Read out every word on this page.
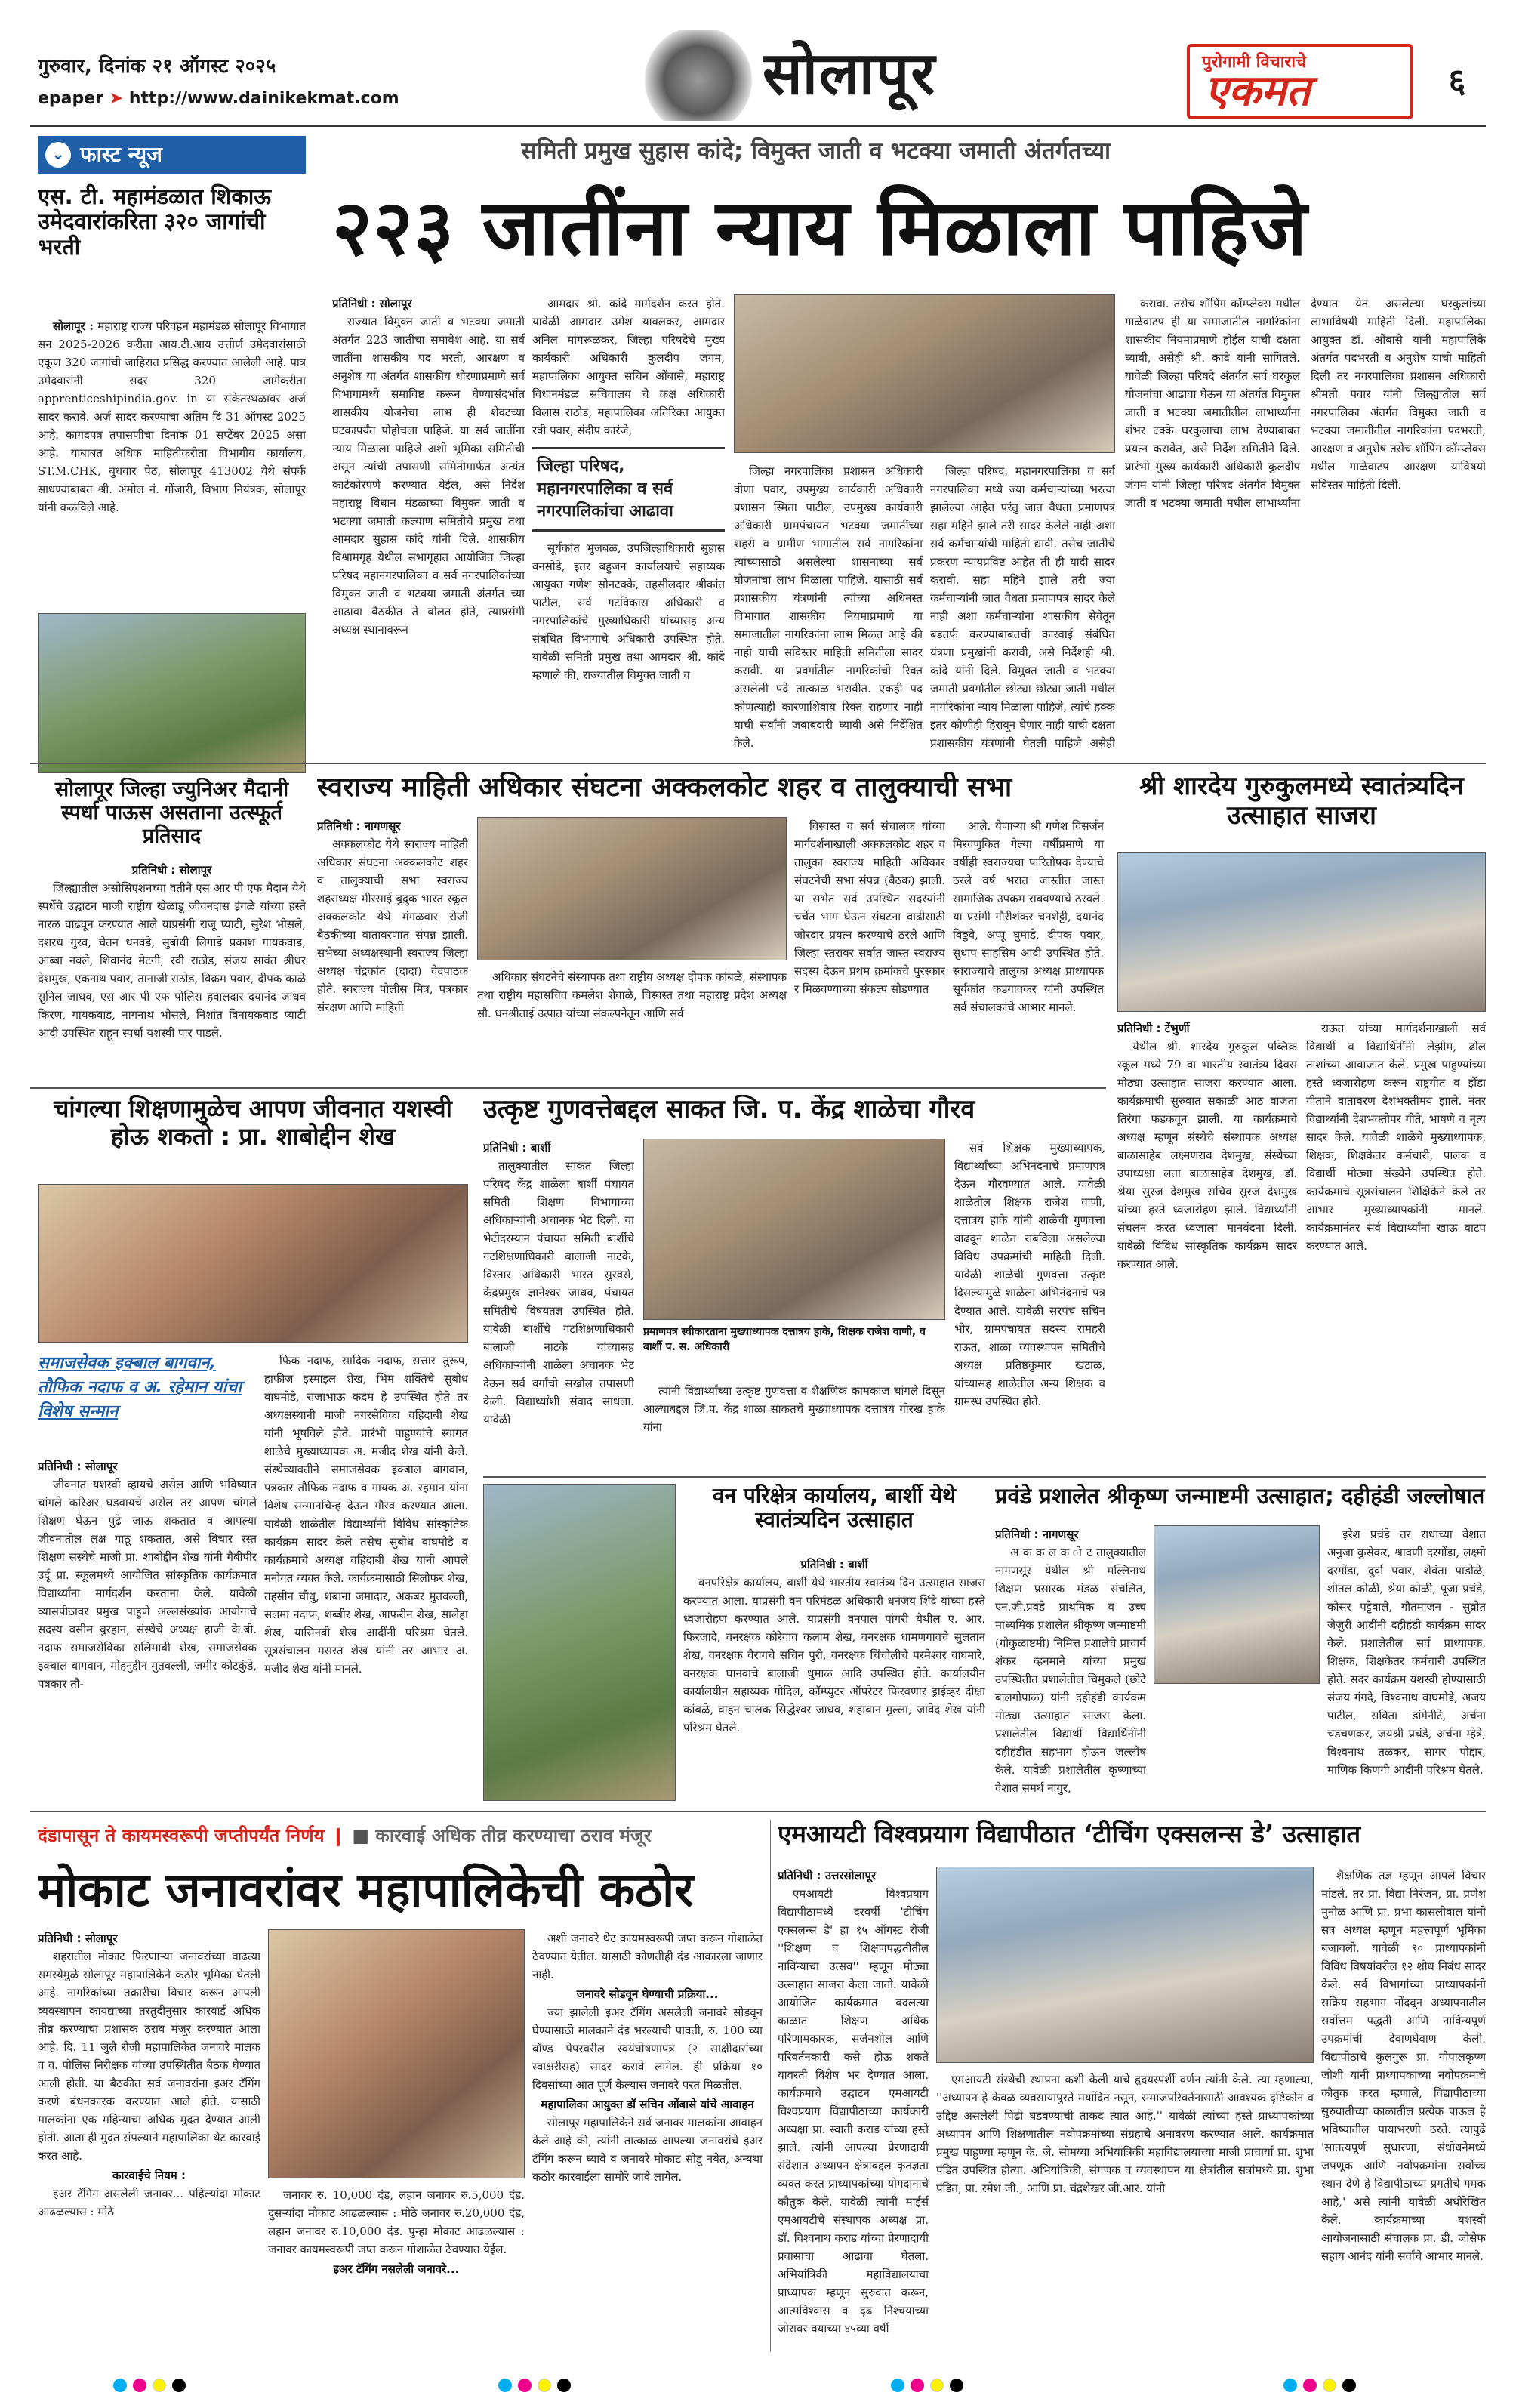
गुरुवार, दिनांक २१ ऑगस्ट २०२५
epaper ➤ http://www.dainikekmat.com	सोलापूर	पुरोगामी विचाराचे
एकमत	६
⌄ फास्ट न्यूज
एस. टी. महामंडळात शिकाऊ उमेदवारांकरिता ३२० जागांची भरती

सोलापूर : महाराष्ट्र राज्य परिवहन महामंडळ सोलापूर विभागात सन 2025-2026 करीता आय.टी.आय उत्तीर्ण उमेदवारांसाठी एकूण 320 जागांची जाहिरात प्रसिद्ध करण्यात आलेली आहे. पात्र उमेदवारांनी सदर 320 जागेकरीता apprenticeshipindia.gov. in या संकेतस्थळावर अर्ज सादर करावे. अर्ज सादर करण्याचा अंतिम दि 31 ऑगस्ट 2025 आहे. कागदपत्र तपासणीचा दिनांक 01 सप्टेंबर 2025 असा आहे. याबाबत अधिक माहितीकरीता विभागीय कार्यालय, ST.M.CHK, बुधवार पेठ, सोलापूर 413002 येथे संपर्क साधण्याबाबत श्री. अमोल नं. गोंजारी, विभाग नियंत्रक, सोलापूर यांनी कळविले आहे.

समिती प्रमुख सुहास कांदे; विमुक्त जाती व भटक्या जमाती अंतर्गतच्या
२२३ जातींना न्याय मिळाला पाहिजे
प्रतिनिधी : सोलापूर

राज्यात विमुक्त जाती व भटक्या जमाती अंतर्गत 223 जातींचा समावेश आहे. या सर्व जातींना शासकीय पद भरती, आरक्षण व अनुशेष या अंतर्गत शासकीय धोरणाप्रमाणे सर्व विभागामध्ये समाविष्ट करून घेण्यासंदर्भात शासकीय योजनेचा लाभ ही शेवटच्या घटकापर्यंत पोहोचला पाहिजे. या सर्व जातींना न्याय मिळाला पाहिजे अशी भूमिका समितीची असून त्यांची तपासणी समितीमार्फत अत्यंत काटेकोरपणे करण्यात येईल, असे निर्देश महाराष्ट्र विधान मंडळाच्या विमुक्त जाती व भटक्या जमाती कल्याण समितीचे प्रमुख तथा आमदार सुहास कांदे यांनी दिले. शासकीय विश्रामगृह येथील सभागृहात आयोजित जिल्हा परिषद महानगरपालिका व सर्व नगरपालिकांच्या विमुक्त जाती व भटक्या जमाती अंतर्गत च्या आढावा बैठकीत ते बोलत होते, त्याप्रसंगी अध्यक्ष स्थानावरून

आमदार श्री. कांदे मार्गदर्शन करत होते. यावेळी आमदार उमेश यावलकर, आमदार अनिल मांगरूळकर, जिल्हा परिषदेचे मुख्य कार्यकारी अधिकारी कुलदीप जंगम, महापालिका आयुक्त सचिन ओंबासे, महाराष्ट्र विधानमंडळ सचिवालय चे कक्ष अधिकारी विलास राठोड, महापालिका अतिरिक्त आयुक्त रवी पवार, संदीप कारंजे,

जिल्हा परिषद, महानगरपालिका व सर्व नगरपालिकांचा आढावा

सूर्यकांत भुजबळ, उपजिल्हाधिकारी सुहास वनसोडे, इतर बहुजन कार्यालयाचे सहाय्यक आयुक्त गणेश सोनटक्के, तहसीलदार श्रीकांत पाटील, सर्व गटविकास अधिकारी व नगरपालिकांचे मुख्याधिकारी यांच्यासह अन्य संबंधित विभागाचे अधिकारी उपस्थित होते. यावेळी समिती प्रमुख तथा आमदार श्री. कांदे म्हणाले की, राज्यातील विमुक्त जाती व

जिल्हा नगरपालिका प्रशासन अधिकारी वीणा पवार, उपमुख्य कार्यकारी अधिकारी प्रशासन स्मिता पाटील, उपमुख्य कार्यकारी अधिकारी ग्रामपंचायत भटक्या जमातींच्या शहरी व ग्रामीण भागातील सर्व नागरिकांना त्यांच्यासाठी असलेल्या शासनाच्या सर्व योजनांचा लाभ मिळाला पाहिजे. यासाठी सर्व प्रशासकीय यंत्रणांनी त्यांच्या अधिनस्त विभागात शासकीय नियमाप्रमाणे या समाजातील नागरिकांना लाभ मिळत आहे की नाही याची सविस्तर माहिती समितीला सादर करावी. या प्रवर्गातील नागरिकांची रिक्त असलेली पदे तात्काळ भरावीत. एकही पद कोणत्याही कारणाशिवाय रिक्त राहणार नाही याची सर्वांनी जबाबदारी घ्यावी असे निर्देशित केले.

जिल्हा परिषद, महानगरपालिका व सर्व नगरपालिका मध्ये ज्या कर्मचाऱ्यांच्या भरत्या झालेल्या आहेत परंतु जात वैधता प्रमाणपत्र सहा महिने झाले तरी सादर केलेले नाही अशा सर्व कर्मचाऱ्यांची माहिती द्यावी. तसेच जातीचे प्रकरण न्यायप्रविष्ट आहेत ती ही यादी सादर करावी. सहा महिने झाले तरी ज्या कर्मचाऱ्यांनी जात वैधता प्रमाणपत्र सादर केले नाही अशा कर्मचाऱ्यांना शासकीय सेवेतून बडतर्फ करण्याबाबतची कारवाई संबंधित यंत्रणा प्रमुखांनी करावी, असे निर्देशही श्री. कांदे यांनी दिले. विमुक्त जाती व भटक्या जमाती प्रवर्गातील छोट्या छोट्या जाती मधील नागरिकांना न्याय मिळाला पाहिजे, त्यांचे हक्क इतर कोणीही हिरावून घेणार नाही याची दक्षता प्रशासकीय यंत्रणांनी घेतली पाहिजे असेही

करावा. तसेच शॉपिंग कॉम्प्लेक्स मधील गाळेवाटप ही या समाजातील नागरिकांना शासकीय नियमाप्रमाणे होईल याची दक्षता घ्यावी, असेही श्री. कांदे यांनी सांगितले. यावेळी जिल्हा परिषदे अंतर्गत सर्व घरकुल योजनांचा आढावा घेऊन या अंतर्गत विमुक्त जाती व भटक्या जमातीतील लाभार्थ्यांना शंभर टक्के घरकुलाचा लाभ देण्याबाबत प्रयत्न करावेत, असे निर्देश समितीने दिले. प्रारंभी मुख्य कार्यकारी अधिकारी कुलदीप जंगम यांनी जिल्हा परिषद अंतर्गत विमुक्त जाती व भटक्या जमाती मधील लाभार्थ्यांना देण्यात येत असलेल्या घरकुलांच्या लाभाविषयी माहिती दिली. महापालिका आयुक्त डॉ. ओंबासे यांनी महापालिके अंतर्गत पदभरती व अनुशेष याची माहिती दिली तर नगरपालिका प्रशासन अधिकारी श्रीमती पवार यांनी जिल्ह्यातील सर्व नगरपालिका अंतर्गत विमुक्त जाती व भटक्या जमातीतील नागरिकांना पदभरती, आरक्षण व अनुशेष तसेच शॉपिंग कॉम्प्लेक्स मधील गाळेवाटप आरक्षण याविषयी सविस्तर माहिती दिली.

सोलापूर जिल्हा ज्युनिअर मैदानी स्पर्धा पाऊस असताना उत्स्फूर्त प्रतिसाद
प्रतिनिधी : सोलापूर

जिल्ह्यातील असोसिएशनच्या वतीने एस आर पी एफ मैदान येथे स्पर्धेचे उद्घाटन माजी राष्ट्रीय खेळाडू जीवनदास इंगळे यांच्या हस्ते नारळ वाढवून करण्यात आले याप्रसंगी राजू प्याटी, सुरेश भोसले, दशरथ गुरव, चेतन धनवडे, सुबोधी लिगाडे प्रकाश गायकवाड, आब्बा नवले, शिवानंद मेटगी, रवी राठोड, संजय सावंत श्रीधर देशमुख, एकनाथ पवार, तानाजी राठोड, विक्रम पवार, दीपक काळे सुनिल जाधव, एस आर पी एफ पोलिस हवालदार दयानंद जाधव किरण, गायकवाड, नागनाथ भोसले, निशांत विनायकवाड प्याटी आदी उपस्थित राहून स्पर्धा यशस्वी पार पाडले.

स्वराज्य माहिती अधिकार संघटना अक्कलकोट शहर व तालुक्याची सभा
प्रतिनिधी : नागणसूर

अक्कलकोट येथे स्वराज्य माहिती अधिकार संघटना अक्कलकोट शहर व तालुक्याची सभा स्वराज्य शहराध्यक्ष मीरसाई बुद्रुक भारत स्कूल अक्कलकोट येथे मंगळवार रोजी बैठकीच्या वातावरणात संपन्न झाली. सभेच्या अध्यक्षस्थानी स्वराज्य जिल्हा अध्यक्ष चंद्रकांत (दादा) वेदपाठक होते. स्वराज्य पोलीस मित्र, पत्रकार संरक्षण आणि माहिती

अधिकार संघटनेचे संस्थापक तथा राष्ट्रीय अध्यक्ष दीपक कांबळे, संस्थापक तथा राष्ट्रीय महासचिव कमलेश शेवाळे, विस्वस्त तथा महाराष्ट्र प्रदेश अध्यक्ष सौ. धनश्रीताई उत्पात यांच्या संकल्पनेतून आणि सर्व

विस्वस्त व सर्व संचालक यांच्या मार्गदर्शनाखाली अक्कलकोट शहर व तालुका स्वराज्य माहिती अधिकार संघटनेची सभा संपन्न (बैठक) झाली. या सभेत सर्व उपस्थित सदस्यांनी चर्चेत भाग घेऊन संघटना वाढीसाठी जोरदार प्रयत्न करण्याचे ठरले आणि जिल्हा स्तरावर सर्वात जास्त स्वराज्य सदस्य देऊन प्रथम क्रमांकचे पुरस्कार र मिळवण्याच्या संकल्प सोडण्यात

आले. येणाऱ्या श्री गणेश विसर्जन मिरवणुकित गेल्या वर्षीप्रमाणे या वर्षीही स्वराज्यचा पारितोषक देण्याचे ठरले वर्ष भरात जास्तीत जास्त सामाजिक उपक्रम राबवण्याचे ठरवले. या प्रसंगी गौरीशंकर चनशेट्टी, दयानंद विठ्ठवे, अप्पू घुमाडे, दीपक पवार, सुधाप साहसिम आदी उपस्थित होते. स्वराज्याचे तालुका अध्यक्ष प्राध्यापक सूर्यकांत कडगावकर यांनी उपस्थित सर्व संचालकांचे आभार मानले.

श्री शारदेय गुरुकुलमध्ये स्वातंत्र्यदिन उत्साहात साजरा
प्रतिनिधी : टेंभुर्णी

येथील श्री. शारदेय गुरुकुल पब्लिक स्कूल मध्ये 79 वा भारतीय स्वातंत्र्य दिवस मोठ्या उत्साहात साजरा करण्यात आला. कार्यक्रमाची सुरुवात सकाळी आठ वाजता तिरंगा फडकवून झाली. या कार्यक्रमाचे अध्यक्ष म्हणून संस्थेचे संस्थापक अध्यक्ष बाळासाहेब लक्ष्मणराव देशमुख, संस्थेच्या उपाध्यक्षा लता बाळासाहेब देशमुख, डॉ. श्रेया सुरज देशमुख सचिव सुरज देशमुख यांच्या हस्ते ध्वजारोहण झाले. विद्यार्थ्यांनी संचलन करत ध्वजाला मानवंदना दिली. यावेळी विविध सांस्कृतिक कार्यक्रम सादर करण्यात आले.

राऊत यांच्या मार्गदर्शनाखाली सर्व विद्यार्थी व विद्यार्थिनींनी लेझीम, ढोल ताशांच्या आवाजात केले. प्रमुख पाहुण्यांच्या हस्ते ध्वजारोहण करून राष्ट्रगीत व झेंडा गीताने वातावरण देशभक्तीमय झाले. नंतर विद्यार्थ्यांनी देशभक्तीपर गीते, भाषणे व नृत्य सादर केले. यावेळी शाळेचे मुख्याध्यापक, शिक्षक, शिक्षकेतर कर्मचारी, पालक व विद्यार्थी मोठ्या संख्येने उपस्थित होते. कार्यक्रमाचे सूत्रसंचालन शिक्षिकेने केले तर आभार मुख्याध्यापकांनी मानले. कार्यक्रमानंतर सर्व विद्यार्थ्यांना खाऊ वाटप करण्यात आले.

चांगल्या शिक्षणामुळेच आपण जीवनात यशस्वी होऊ शकतो : प्रा. शाबोद्दीन शेख
समाजसेवक इक्बाल बागवान, तौफिक नदाफ व अ. रहेमान यांचा विशेष सन्मान
प्रतिनिधी : सोलापूर

जीवनात यशस्वी व्हायचे असेल आणि भविष्यात चांगले करिअर घडवायचे असेल तर आपण चांगले शिक्षण घेऊन पुढे जाऊ शकतात व आपल्या जीवनातील लक्ष गाठू शकतात, असे विचार रस्त शिक्षण संस्थेचे माजी प्रा. शाबोद्दीन शेख यांनी गैबीपीर उर्दू प्रा. स्कूलमध्ये आयोजित सांस्कृतिक कार्यक्रमात विद्यार्थ्यांना मार्गदर्शन करताना केले. यावेळी व्यासपीठावर प्रमुख पाहुणे अल्लसंख्यांक आयोगाचे सदस्य वसीम बुरहान, संस्थेचे अध्यक्ष हाजी के.बी. नदाफ समाजसेविका सलिमाबी शेख, समाजसेवक इक्बाल बागवान, मोहनुद्दीन मुतवल्ली, जमीर कोटकुंडे, पत्रकार तौ-

फिक नदाफ, सादिक नदाफ, सत्तार तुरूप, हाफीज इस्माइल शेख, भिम शक्तिचे सुबोध वाघमोडे, राजाभाऊ कदम हे उपस्थित होते तर अध्यक्षस्थानी माजी नगरसेविका वहिदाबी शेख यांनी भूषविले होते. प्रारंभी पाहुण्यांचे स्वागत शाळेचे मुख्याध्यापक अ. मजीद शेख यांनी केले. संस्थेच्यावतीने समाजसेवक इक्बाल बागवान, पत्रकार तौफिक नदाफ व गायक अ. रहमान यांना विशेष सन्मानचिन्ह देऊन गौरव करण्यात आला. यावेळी शाळेतील विद्यार्थ्यांनी विविध सांस्कृतिक कार्यक्रम सादर केले तसेच सुबोध वाघमोडे व कार्यक्रमाचे अध्यक्ष वहिदाबी शेख यांनी आपले मनोगत व्यक्त केले. कार्यक्रमासाठी सिलोफर शेख, तहसीन चौधु, शबाना जमादार, अकबर मुतवल्ली, सलमा नदाफ, शब्बीर शेख, आफरीन शेख, सालेहा शेख, यासिनबी शेख आदींनी परिश्रम घेतले. सूत्रसंचालन मसरत शेख यांनी तर आभार अ. मजीद शेख यांनी मानले.

उत्कृष्ट गुणवत्तेबद्दल साकत जि. प. केंद्र शाळेचा गौरव
प्रतिनिधी : बार्शी

तालुक्यातील साकत जिल्हा परिषद केंद्र शाळेला बार्शी पंचायत समिती शिक्षण विभागाच्या अधिकाऱ्यांनी अचानक भेट दिली. या भेटीदरम्यान पंचायत समिती बार्शीचे गटशिक्षणाधिकारी बालाजी नाटके, विस्तार अधिकारी भारत सुरवसे, केंद्रप्रमुख ज्ञानेश्वर जाधव, पंचायत समितीचे विषयतज्ञ उपस्थित होते. यावेळी बार्शीचे गटशिक्षणाधिकारी बालाजी नाटके यांच्यासह अधिकाऱ्यांनी शाळेला अचानक भेट देऊन सर्व वर्गांची सखोल तपासणी केली. विद्यार्थ्यांशी संवाद साधला. यावेळी

प्रमाणपत्र स्वीकारताना मुख्याध्यापक दत्तात्रय हाके, शिक्षक राजेश वाणी, व बार्शी प. स. अधिकारी

त्यांनी विद्यार्थ्यांच्या उत्कृष्ट गुणवत्ता व शैक्षणिक कामकाज चांगले दिसून आल्याबद्दल जि.प. केंद्र शाळा साकतचे मुख्याध्यापक दत्तात्रय गोरख हाके यांना

सर्व शिक्षक मुख्याध्यापक, विद्यार्थ्यांच्या अभिनंदनाचे प्रमाणपत्र देऊन गौरवण्यात आले. यावेळी शाळेतील शिक्षक राजेश वाणी, दत्तात्रय हाके यांनी शाळेची गुणवत्ता वाढवून शाळेत राबविला असलेल्या विविध उपक्रमांची माहिती दिली. यावेळी शाळेची गुणवत्ता उत्कृष्ट दिसल्यामुळे शाळेला अभिनंदनाचे पत्र देण्यात आले. यावेळी सरपंच सचिन भोर, ग्रामपंचायत सदस्य रामहरी राऊत, शाळा व्यवस्थापन समितीचे अध्यक्ष प्रतिष्ठकुमार खटाळ, यांच्यासह शाळेतील अन्य शिक्षक व ग्रामस्थ उपस्थित होते.

वन परिक्षेत्र कार्यालय, बार्शी येथे स्वातंत्र्यदिन उत्साहात
प्रतिनिधी : बार्शी

वनपरिक्षेत्र कार्यालय, बार्शी येथे भारतीय स्वातंत्र्य दिन उत्साहात साजरा करण्यात आला. याप्रसंगी वन परिमंडळ अधिकारी धनंजय शिंदे यांच्या हस्ते ध्वजारोहण करण्यात आले. याप्रसंगी वनपाल पांगरी येथील ए. आर. फिरजादे, वनरक्षक कोरेगाव कलाम शेख, वनरक्षक धामणगावचे सुलतान शेख, वनरक्षक वैरागचे सचिन पुरी, वनरक्षक चिंचोलीचे परमेश्वर वाघमारे, वनरक्षक घानवाचे बालाजी धुमाळ आदि उपस्थित होते. कार्यालयीन कार्यालयीन सहाय्यक गोदिल, कॉम्प्युटर ऑपरेटर फिरवणार ड्राईव्हर दीक्षा कांबळे, वाहन चालक सिद्धेश्वर जाधव, शहाबान मुल्ला, जावेद शेख यांनी परिश्रम घेतले.

प्रवंडे प्रशालेत श्रीकृष्ण जन्माष्टमी उत्साहात; दहीहंडी जल्लोषात
प्रतिनिधी : नागणसूर

अ क क ल क ो ट तालुक्यातील नागणसूर येथील श्री मल्लिनाथ शिक्षण प्रसारक मंडळ संचलित, एन.जी.प्रवंडे प्राथमिक व उच्च माध्यमिक प्रशालेत श्रीकृष्ण जन्माष्टमी (गोकुळाष्टमी) निमित्त प्रशालेचे प्राचार्य शंकर व्हनमाने यांच्या प्रमुख उपस्थितीत प्रशालेतील चिमुकले (छोटे बालगोपाळ) यांनी दहीहंडी कार्यक्रम मोठ्या उत्साहात साजरा केला. प्रशालेतील विद्यार्थी विद्यार्थिनींनी दहीहंडीत सहभाग होऊन जल्लोष केले. यावेळी प्रशालेतील कृष्णाच्या वेशात समर्थ नागुर,

इरेश प्रचंडे तर राधाच्या वेशात अनुजा कुसेकर, श्रावणी दरगोंडा, लक्ष्मी दरगोंडा, दुर्वा पवार, शेवंता पाडोळे, शीतल कोळी, श्रेया कोळी, पूजा प्रचंडे, कोसर पट्टेवाले, गौतमाजन - सुव्रोत जेजुरी आदींनी दहीहंडी कार्यक्रम सादर केले. प्रशालेतील सर्व प्राध्यापक, शिक्षक, शिक्षकेतर कर्मचारी उपस्थित होते. सदर कार्यक्रम यशस्वी होण्यासाठी संजय गंगदे, विश्वनाथ वाघमोडे, अजय पाटील, सविता डांगेनीटे, अर्चना चडचणकर, जयश्री प्रचंडे, अर्चना म्हेत्रे, विश्वनाथ तळकर, सागर पोद्दार, माणिक किणगी आदींनी परिश्रम घेतले.

दंडापासून ते कायमस्वरूपी जप्तीपर्यंत निर्णय ❙ ■ कारवाई अधिक तीव्र करण्याचा ठराव मंजूर
मोकाट जनावरांवर महापालिकेची कठोर
प्रतिनिधी : सोलापूर

शहरातील मोकाट फिरणाऱ्या जनावरांच्या वाढत्या समस्येमुळे सोलापूर महापालिकेने कठोर भूमिका घेतली आहे. नागरिकांच्या तक्रारीचा विचार करून आपली व्यवस्थापन कायद्याच्या तरतुदीनुसार कारवाई अधिक तीव्र करण्याचा प्रशासक ठराव मंजूर करण्यात आला आहे. दि. 11 जुलै रोजी महापालिकेत जनावरे मालक व व. पोलिस निरीक्षक यांच्या उपस्थितीत बैठक घेण्यात आली होती. या बैठकीत सर्व जनावरांना इअर टॅगिंग करणे बंधनकारक करण्यात आले होते. यासाठी मालकांना एक महिन्याचा अधिक मुदत देण्यात आली होती. आता ही मुदत संपल्याने महापालिका थेट कारवाई करत आहे.

कारवाईचे नियम :

इअर टॅगिंग असलेली जनावर... पहिल्यांदा मोकाट आढळल्यास : मोठे

जनावर रु. 10,000 दंड, लहान जनावर रु.5,000 दंड. दुसऱ्यांदा मोकाट आढळल्यास : मोठे जनावर रु.20,000 दंड, लहान जनावर रु.10,000 दंड. पुन्हा मोकाट आढळल्यास : जनावर कायमस्वरूपी जप्त करून गोशाळेत ठेवण्यात येईल.

इअर टॅगिंग नसलेली जनावरे...

अशी जनावरे थेट कायमस्वरूपी जप्त करून गोशाळेत ठेवण्यात येतील. यासाठी कोणतीही दंड आकारला जाणार नाही.

जनावरे सोडवून घेण्याची प्रक्रिया...

ज्या झालेली इअर टॅगिंग असलेली जनावरे सोडवून घेण्यासाठी मालकाने दंड भरल्याची पावती, रु. 100 च्या बॉण्ड पेपरवरील स्वयंघोषणापत्र (२ साक्षीदारांच्या स्वाक्षरीसह) सादर करावे लागेल. ही प्रक्रिया १० दिवसांच्या आत पूर्ण केल्यास जनावरे परत मिळतील.

महापालिका आयुक्त डॉ सचिन ओंबासे यांचे आवाहन

सोलापूर महापालिकेने सर्व जनावर मालकांना आवाहन केले आहे की, त्यांनी तात्काळ आपल्या जनावरांचे इअर टॅगिंग करून घ्यावे व जनावरे मोकाट सोडू नयेत, अन्यथा कठोर कारवाईला सामोरे जावे लागेल.

एमआयटी विश्वप्रयाग विद्यापीठात ‘टीचिंग एक्सलन्स डे’ उत्साहात
प्रतिनिधी : उत्तरसोलापूर

एमआयटी विश्वप्रयाग विद्यापीठामध्ये दरवर्षी 'टीचिंग एक्सलन्स डे' हा १५ ऑगस्ट रोजी ''शिक्षण व शिक्षणपद्धतीतील नाविन्याचा उत्सव'' म्हणून मोठ्या उत्साहात साजरा केला जातो. यावेळी आयोजित कार्यक्रमात बदलत्या काळात शिक्षण अधिक परिणामकारक, सर्जनशील आणि परिवर्तनकारी कसे होऊ शकते यावरती विशेष भर देण्यात आला. कार्यक्रमाचे उद्घाटन एमआयटी विश्वप्रयाग विद्यापीठाच्या कार्यकारी अध्यक्षा प्रा. स्वाती कराड यांच्या हस्ते झाले. त्यांनी आपल्या प्रेरणादायी संदेशात अध्यापन क्षेत्राबद्दल कृतज्ञता व्यक्त करत प्राध्यापकांच्या योगदानाचे कौतुक केले. यावेळी त्यांनी माईर्स एमआयटीचे संस्थापक अध्यक्ष प्रा. डॉ. विश्वनाथ कराड यांच्या प्रेरणादायी प्रवासाचा आढावा घेतला. अभियांत्रिकी महाविद्यालयाचा प्राध्यापक म्हणून सुरुवात करून, आत्मविश्वास व दृढ निश्चयाच्या जोरावर वयाच्या ४५व्या वर्षी

एमआयटी संस्थेची स्थापना कशी केली याचे हृदयस्पर्शी वर्णन त्यांनी केले. त्या म्हणाल्या, ''अध्यापन हे केवळ व्यवसायापुरते मर्यादित नसून, समाजपरिवर्तनासाठी आवश्यक दृष्टिकोन व उद्दिष्ट असलेली पिढी घडवण्याची ताकद त्यात आहे.'' यावेळी त्यांच्या हस्ते प्राध्यापकांच्या अध्यापन आणि शिक्षणातील नवोपक्रमांच्या संग्रहाचे अनावरण करण्यात आले. कार्यक्रमात प्रमुख पाहुण्या म्हणून के. जे. सोमय्या अभियांत्रिकी महाविद्यालयाच्या माजी प्राचार्या प्रा. शुभा पंडित उपस्थित होत्या. अभियांत्रिकी, संगणक व व्यवस्थापन या क्षेत्रांतील सत्रांमध्ये प्रा. शुभा पंडित, प्रा. रमेश जी., आणि प्रा. चंद्रशेखर जी.आर. यांनी

शैक्षणिक तज्ञ म्हणून आपले विचार मांडले. तर प्रा. विद्या निरंजन, प्रा. प्रणेश मुनोळ आणि प्रा. प्रभा कासलीवाल यांनी सत्र अध्यक्ष म्हणून महत्त्वपूर्ण भूमिका बजावली. यावेळी ९० प्राध्यापकांनी विविध विषयांवरील १२ शोध निबंध सादर केले. सर्व विभागांच्या प्राध्यापकांनी सक्रिय सहभाग नोंदवून अध्यापनातील सर्वोत्तम पद्धती आणि नाविन्यपूर्ण उपक्रमांची देवाणघेवाण केली. विद्यापीठाचे कुलगुरू प्रा. गोपालकृष्ण जोशी यांनी प्राध्यापकांच्या नवोपक्रमांचे कौतुक करत म्हणाले, विद्यापीठाच्या सुरुवातीच्या काळातील प्रत्येक पाऊल हे भविष्यातील पायाभरणी ठरते. त्यापुढे 'सातत्यपूर्ण सुधारणा, संधोधनेमध्ये जपणूक आणि नवोपक्रमांना सर्वोच्च स्थान देणे हे विद्यापीठाच्या प्रगतीचे गमक आहे,' असे त्यांनी यावेळी अधोरेखित केले. कार्यक्रमाच्या यशस्वी आयोजनासाठी संचालक प्रा. डी. जोसेफ सहाय आनंद यांनी सर्वांचे आभार मानले.
